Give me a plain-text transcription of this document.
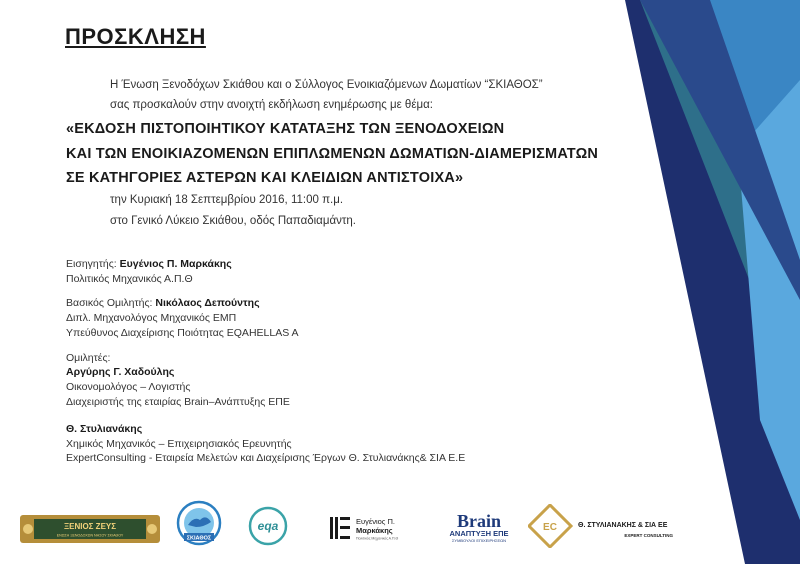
ΠΡΟΣΚΛΗΣΗ
Η Ένωση Ξενοδόχων Σκιάθου και ο Σύλλογος Ενοικιαζόμενων Δωματίων “ΣΚΙΑΘΟΣ”
σας προσκαλούν στην ανοιχτή εκδήλωση ενημέρωσης με θέμα:
«ΕΚΔΟΣΗ ΠΙΣΤΟΠΟΙΗΤΙΚΟΥ ΚΑΤΑΤΑΞΗΣ ΤΩΝ ΞΕΝΟΔΟΧΕΙΩΝ
ΚΑΙ ΤΩΝ ΕΝΟΙΚΙΑΖΟΜΕΝΩΝ ΕΠΙΠΛΩΜΕΝΩΝ ΔΩΜΑΤΙΩΝ-ΔΙΑΜΕΡΙΣΜΑΤΩΝ
ΣΕ ΚΑΤΗΓΟΡΙΕΣ ΑΣΤΕΡΩΝ ΚΑΙ ΚΛΕΙΔΙΩΝ ΑΝΤΙΣΤΟΙΧΑ»
την Κυριακή 18 Σεπτεμβρίου 2016, 11:00 π.μ.
στο Γενικό Λύκειο Σκιάθου, οδός Παπαδιαμάντη.
Εισηγητής: Ευγένιος Π. Μαρκάκης
Πολιτικός Μηχανικός Α.Π.Θ
Βασικός Ομιλητής: Νικόλαος Δεπούντης
Διπλ. Μηχανολόγος Μηχανικός ΕΜΠ
Υπεύθυνος Διαχείρισης Ποιότητας EQAHELLAS A
Ομιλητές:
Αργύρης Γ. Χαδούλης
Οικονομολόγος – Λογιστής
Διαχειριστής της εταιρίας Brain–Ανάπτυξης ΕΠΕ
Θ. Στυλιανάκης
Χημικός Μηχανικός – Επιχειρησιακός Ερευνητής
ExpertConsulting - Εταιρεία Μελετών και Διαχείρισης Έργων Θ. Στυλιανάκης& ΣΙΑ Ε.Ε
ΞΕΝΙΟΣ ΖΕΥΣ
ΕΝΩΣΗ ΞΕΝΟΔΟΧΩΝ ΝΗΣΟΥ ΣΚΙΑΘΟΥ	ΣΚΙΑΘΟΣ
eqa	Ευγένιος Π.
Μαρκάκης
Πολιτικός Μηχανικός Α.Π.Θ
Brain
ΑΝΑΠΤΥΞΗ ΕΠΕ
ΣΥΜΒΟΥΛΟΙ ΕΠΙΧΕΙΡΗΣΕΩΝ
EC	Θ. ΣΤΥΛΙΑΝΑΚΗΣ & ΣΙΑ ΕΕ
EXPERT CONSULTING
